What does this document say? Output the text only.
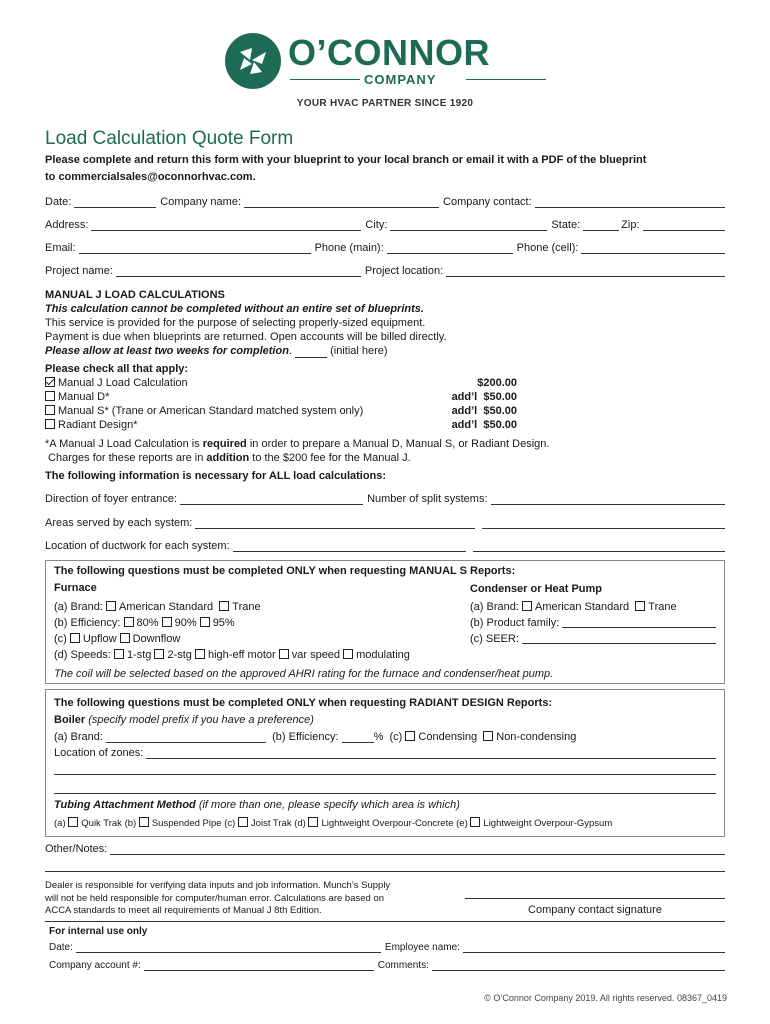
O’CONNOR
COMPANY
YOUR HVAC PARTNER SINCE 1920
Load Calculation Quote Form
Please complete and return this form with your blueprint to your local branch or email it with a PDF of the blueprint
to commercialsales@oconnorhvac.com.
Date:	Company name:	Company contact:
Address:	City:	State:	Zip:
Email:	Phone (main):	Phone (cell):
Project name:	Project location:
MANUAL J LOAD CALCULATIONS
This calculation cannot be completed without an entire set of blueprints.
This service is provided for the purpose of selecting properly-sized equipment.
Payment is due when blueprints are returned. Open accounts will be billed directly.
Please allow at least two weeks for completion.	(initial here)
Please check all that apply:
Manual J Load Calculation	$200.00
Manual D*	add’l  $50.00
Manual S* (Trane or American Standard matched system only)	add’l  $50.00
Radiant Design*	add’l  $50.00
*A Manual J Load Calculation is required in order to prepare a Manual D, Manual S, or Radiant Design.
Charges for these reports are in addition to the $200 fee for the Manual J.
The following information is necessary for ALL load calculations:
Direction of foyer entrance:	Number of split systems:
Areas served by each system:
Location of ductwork for each system:
The following questions must be completed ONLY when requesting MANUAL S Reports:
Furnace	Condenser or Heat Pump
(a) Brand: American Standard Trane
(b) Efficiency: 80% 90% 95%
(c) Upflow Downflow
(d) Speeds: 1-stg 2-stg high-eff motor var speed modulating
(a) Brand: American Standard Trane
(b) Product family:
(c) SEER:
The coil will be selected based on the approved AHRI rating for the furnace and condenser/heat pump.
The following questions must be completed ONLY when requesting RADIANT DESIGN Reports:
Boiler (specify model prefix if you have a preference)
(a) Brand:	(b) Efficiency:	% (c) Condensing Non-condensing
Location of zones:
Tubing Attachment Method (if more than one, please specify which area is which)
(a) Quik Trak (b) Suspended Pipe (c) Joist Trak (d) Lightweight Overpour-Concrete (e) Lightweight Overpour-Gypsum
Other/Notes:
Dealer is responsible for verifying data inputs and job information. Munch’s Supply
will not be held responsible for computer/human error. Calculations are based on
ACCA standards to meet all requirements of Manual J 8th Edition.	Company contact signature
For internal use only
Date:	Employee name:
Company account #:	Comments:
© O’Connor Company 2019. All rights reserved. 08367_0419
